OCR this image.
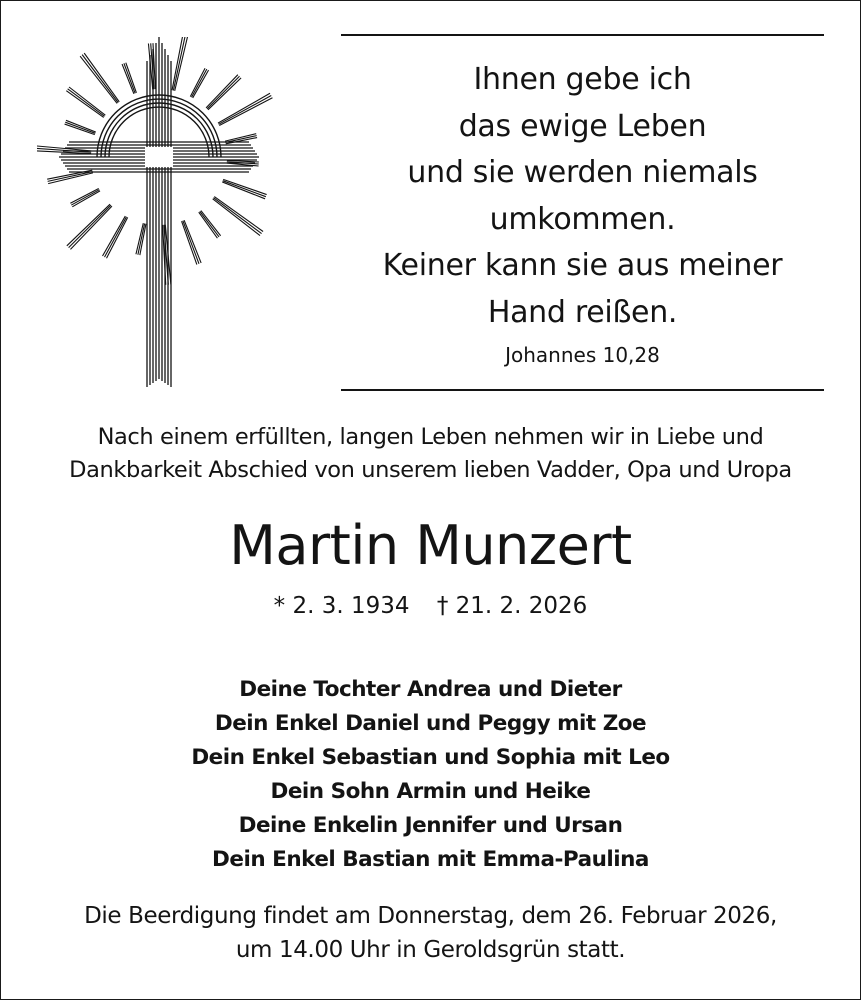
Ihnen gebe ich
das ewige Leben
und sie werden niemals
umkommen.
Keiner kann sie aus meiner
Hand reißen.
Johannes 10,28
Nach einem erfüllten, langen Leben nehmen wir in Liebe und
Dankbarkeit Abschied von unserem lieben Vadder, Opa und Uropa
Martin Munzert
* 2. 3. 1934 † 21. 2. 2026
Deine Tochter Andrea und Dieter
Dein Enkel Daniel und Peggy mit Zoe
Dein Enkel Sebastian und Sophia mit Leo
Dein Sohn Armin und Heike
Deine Enkelin Jennifer und Ursan
Dein Enkel Bastian mit Emma-Paulina
Die Beerdigung findet am Donnerstag, dem 26. Februar 2026,
um 14.00 Uhr in Geroldsgrün statt.
